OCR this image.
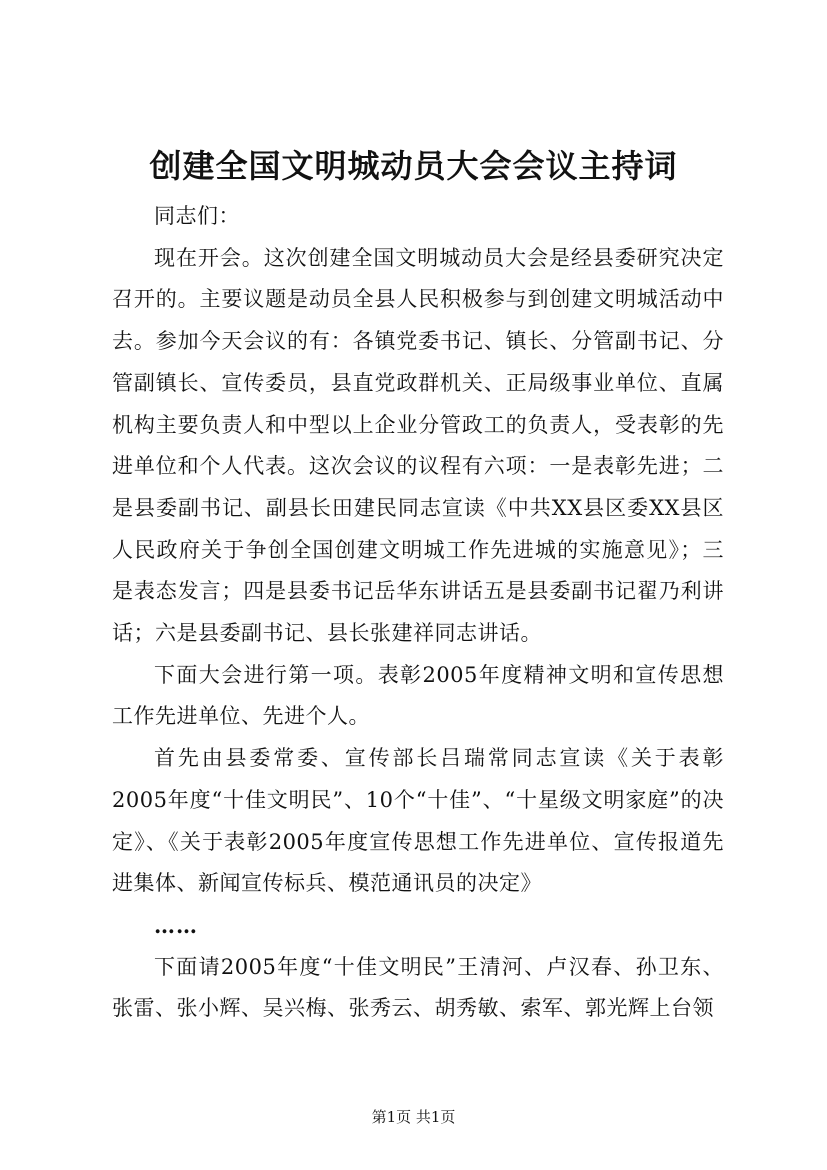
创建全国文明城动员大会会议主持词

同志们：

现在开会。这次创建全国文明城动员大会是经县委研究决定召开的。主要议题是动员全县人民积极参与到创建文明城活动中去。参加今天会议的有：各镇党委书记、镇长、分管副书记、分管副镇长、宣传委员，县直党政群机关、正局级事业单位、直属机构主要负责人和中型以上企业分管政工的负责人，受表彰的先进单位和个人代表。这次会议的议程有六项：一是表彰先进；二是县委副书记、副县长田建民同志宣读《中共XX县区委XX县区人民政府关于争创全国创建文明城工作先进城的实施意见》；三是表态发言；四是县委书记岳华东讲话五是县委副书记翟乃利讲话；六是县委副书记、县长张建祥同志讲话。

下面大会进行第一项。表彰2005年度精神文明和宣传思想工作先进单位、先进个人。

首先由县委常委、宣传部长吕瑞常同志宣读《关于表彰2005年度“十佳文明民”、10个“十佳”、“十星级文明家庭”的决定》、《关于表彰2005年度宣传思想工作先进单位、宣传报道先进集体、新闻宣传标兵、模范通讯员的决定》

……

下面请2005年度“十佳文明民”王清河、卢汉春、孙卫东、张雷、张小辉、吴兴梅、张秀云、胡秀敏、索军、郭光辉上台领

第1页 共1页
